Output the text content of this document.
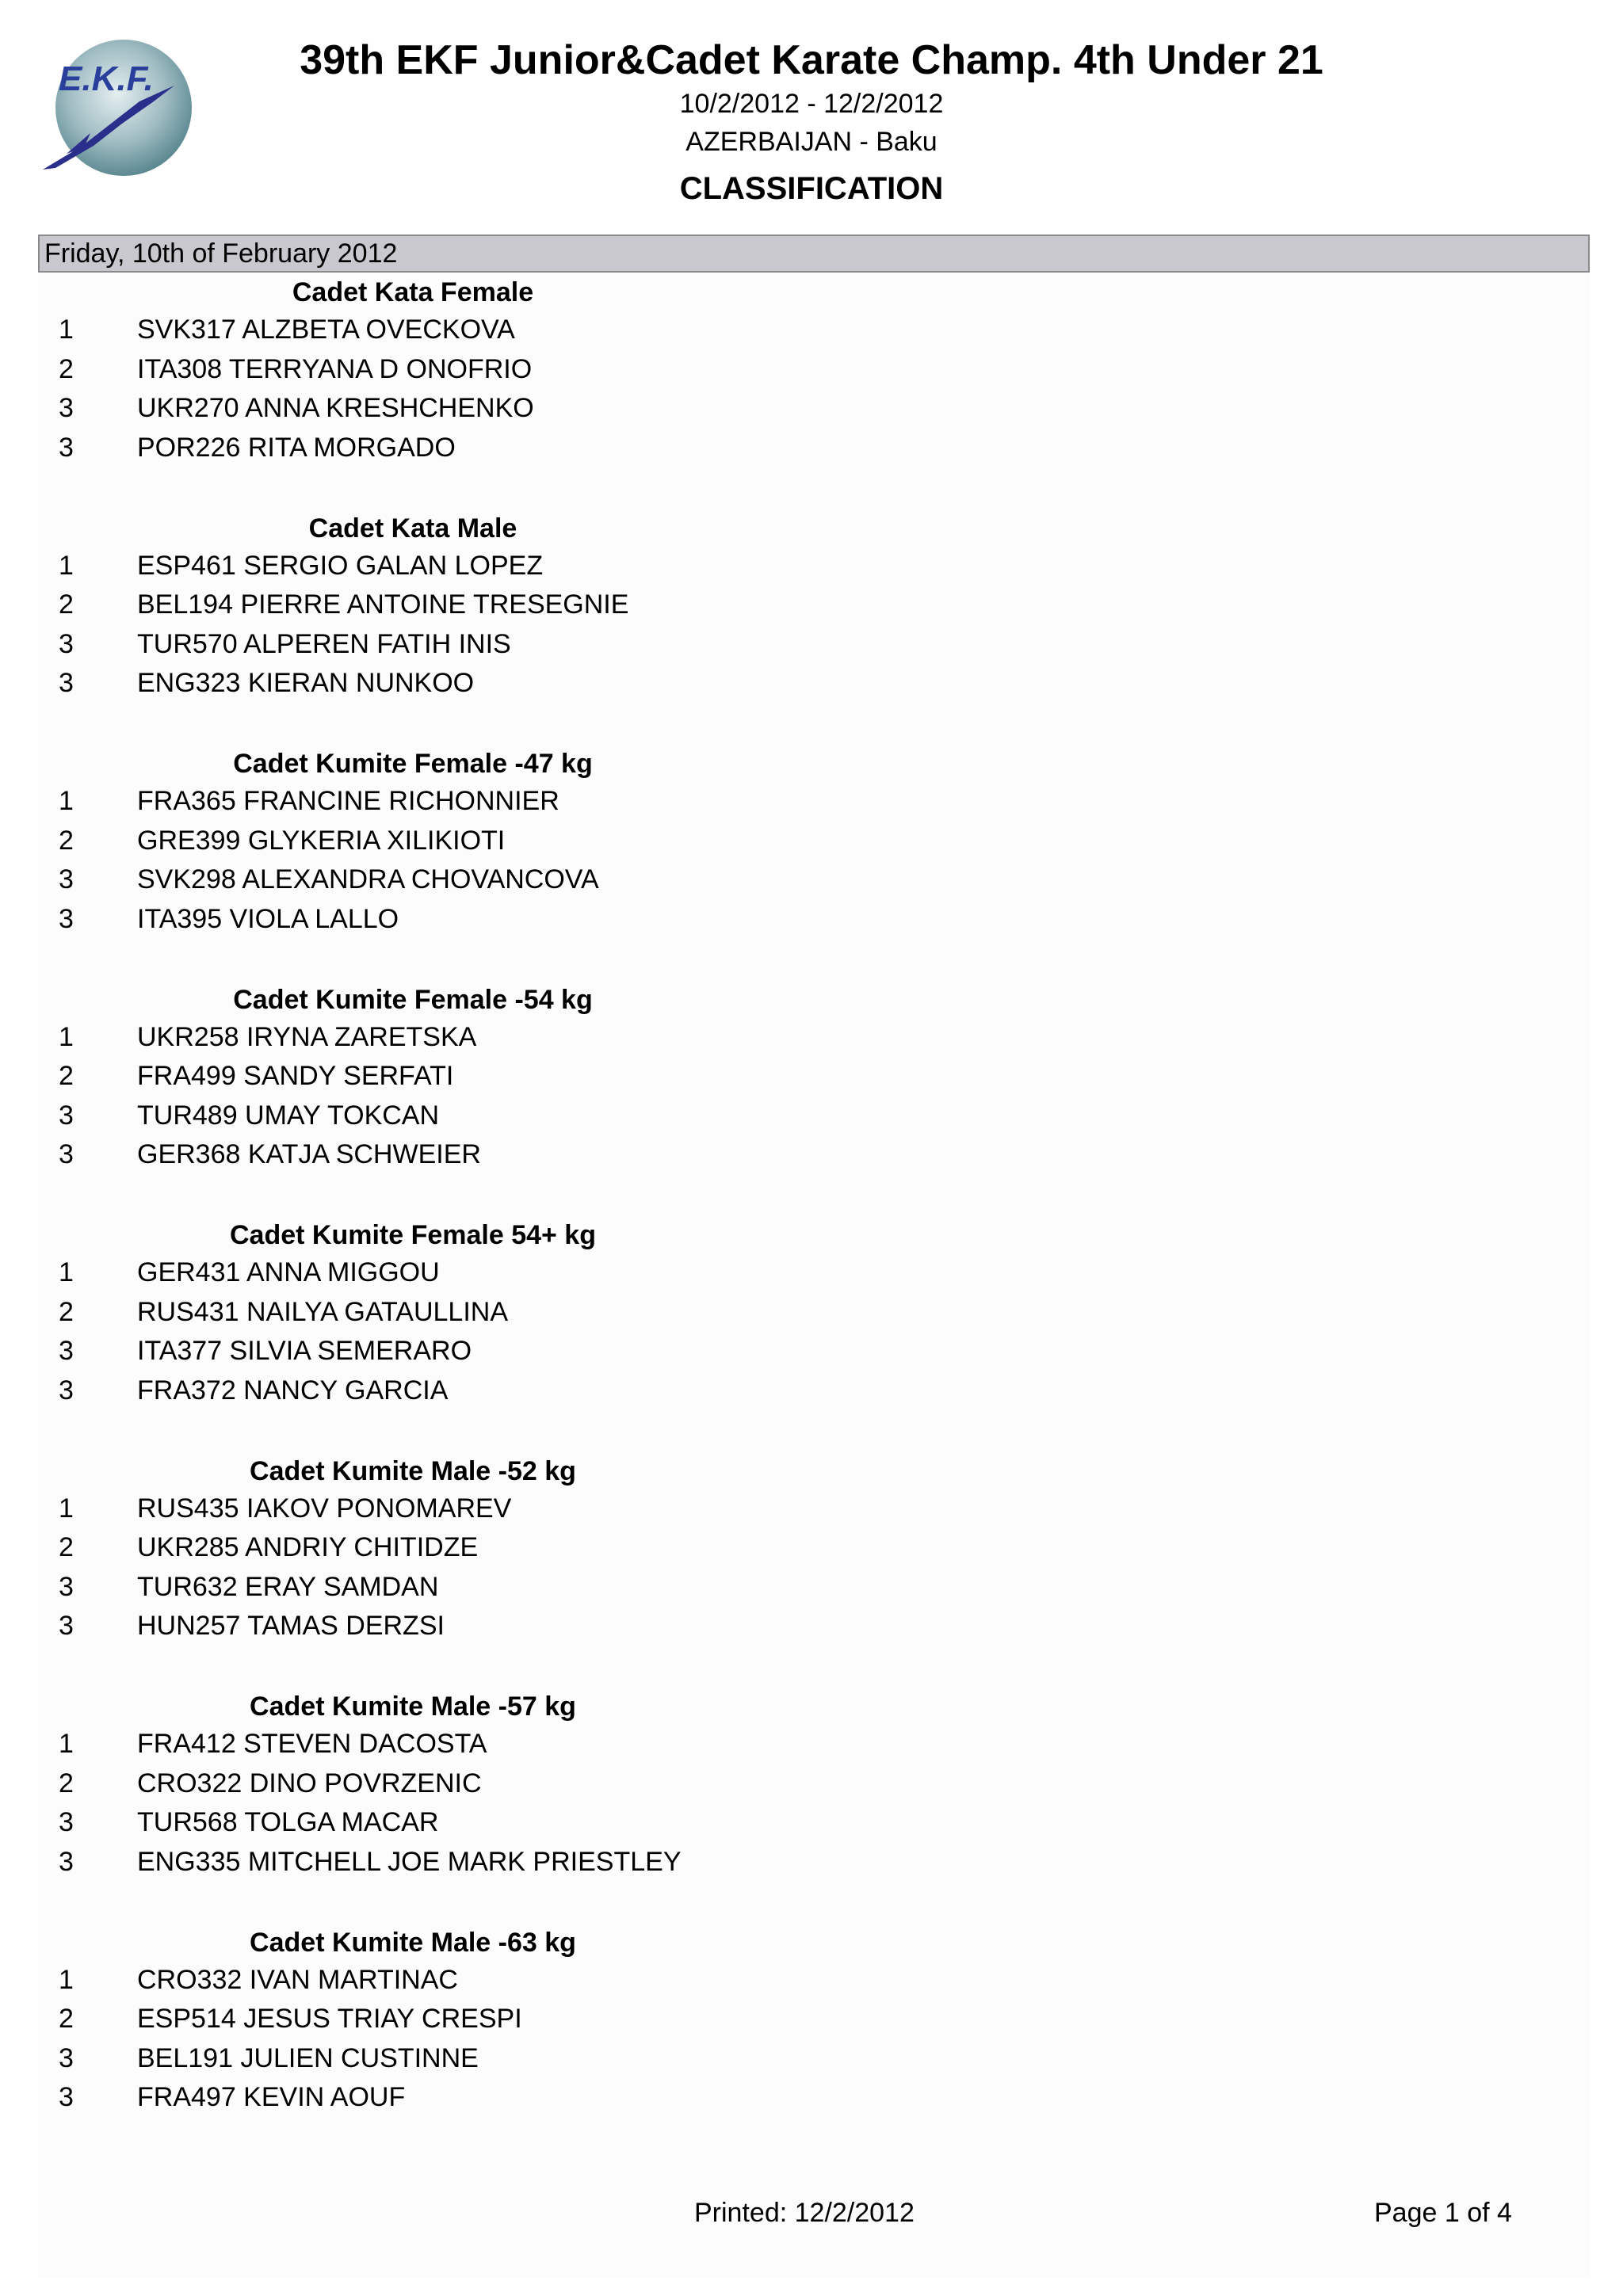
E.K.F.	39th EKF Junior&Cadet Karate Champ. 4th Under 21
10/2/2012 - 12/2/2012
AZERBAIJAN - Baku
CLASSIFICATION
Friday, 10th of February 2012
Cadet Kata Female
1	SVK317 ALZBETA OVECKOVA
2	ITA308 TERRYANA D ONOFRIO
3	UKR270 ANNA KRESHCHENKO
3	POR226 RITA MORGADO
Cadet Kata Male
1	ESP461 SERGIO GALAN LOPEZ
2	BEL194 PIERRE ANTOINE TRESEGNIE
3	TUR570 ALPEREN FATIH INIS
3	ENG323 KIERAN NUNKOO
Cadet Kumite Female -47 kg
1	FRA365 FRANCINE RICHONNIER
2	GRE399 GLYKERIA XILIKIOTI
3	SVK298 ALEXANDRA CHOVANCOVA
3	ITA395 VIOLA LALLO
Cadet Kumite Female -54 kg
1	UKR258 IRYNA ZARETSKA
2	FRA499 SANDY SERFATI
3	TUR489 UMAY TOKCAN
3	GER368 KATJA SCHWEIER
Cadet Kumite Female 54+ kg
1	GER431 ANNA MIGGOU
2	RUS431 NAILYA GATAULLINA
3	ITA377 SILVIA SEMERARO
3	FRA372 NANCY GARCIA
Cadet Kumite Male -52 kg
1	RUS435 IAKOV PONOMAREV
2	UKR285 ANDRIY CHITIDZE
3	TUR632 ERAY SAMDAN
3	HUN257 TAMAS DERZSI
Cadet Kumite Male -57 kg
1	FRA412 STEVEN DACOSTA
2	CRO322 DINO POVRZENIC
3	TUR568 TOLGA MACAR
3	ENG335 MITCHELL JOE MARK PRIESTLEY
Cadet Kumite Male -63 kg
1	CRO332 IVAN MARTINAC
2	ESP514 JESUS TRIAY CRESPI
3	BEL191 JULIEN CUSTINNE
3	FRA497 KEVIN AOUF
Printed: 12/2/2012	Page 1 of 4
